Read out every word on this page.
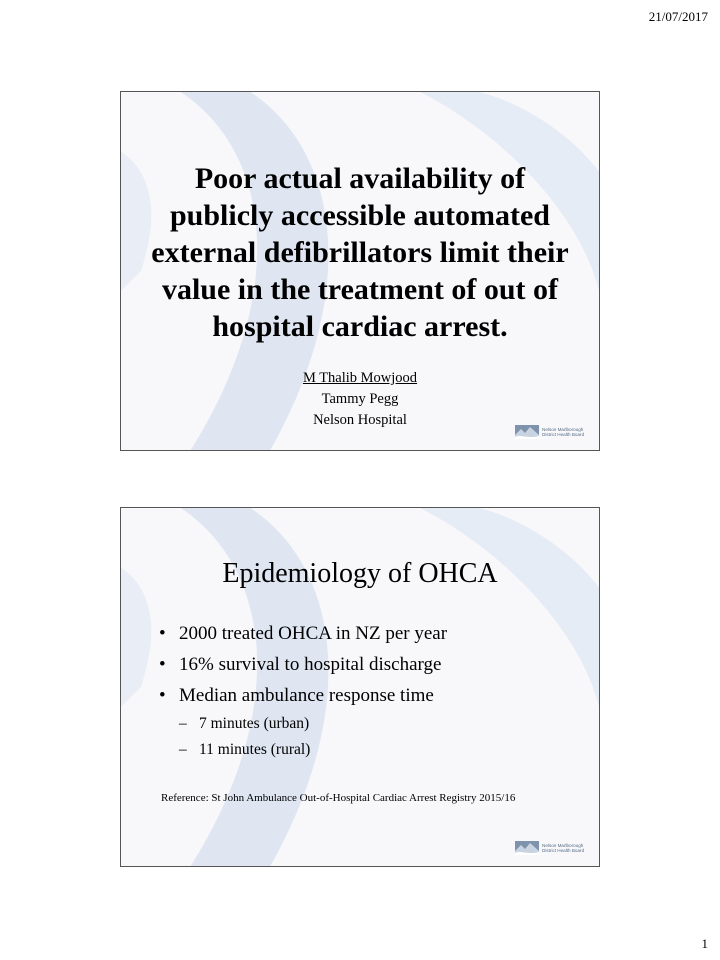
21/07/2017
Poor actual availability of publicly accessible automated external defibrillators limit their value in the treatment of out of hospital cardiac arrest.
M Thalib Mowjood
Tammy Pegg
Nelson Hospital
Nelson Marlborough
District Health Board
Epidemiology of OHCA
• 2000 treated OHCA in NZ per year
• 16% survival to hospital discharge
• Median ambulance response time
– 7 minutes (urban)
– 11 minutes (rural)
Reference: St John Ambulance Out-of-Hospital Cardiac Arrest Registry 2015/16
Nelson Marlborough
District Health Board
1
